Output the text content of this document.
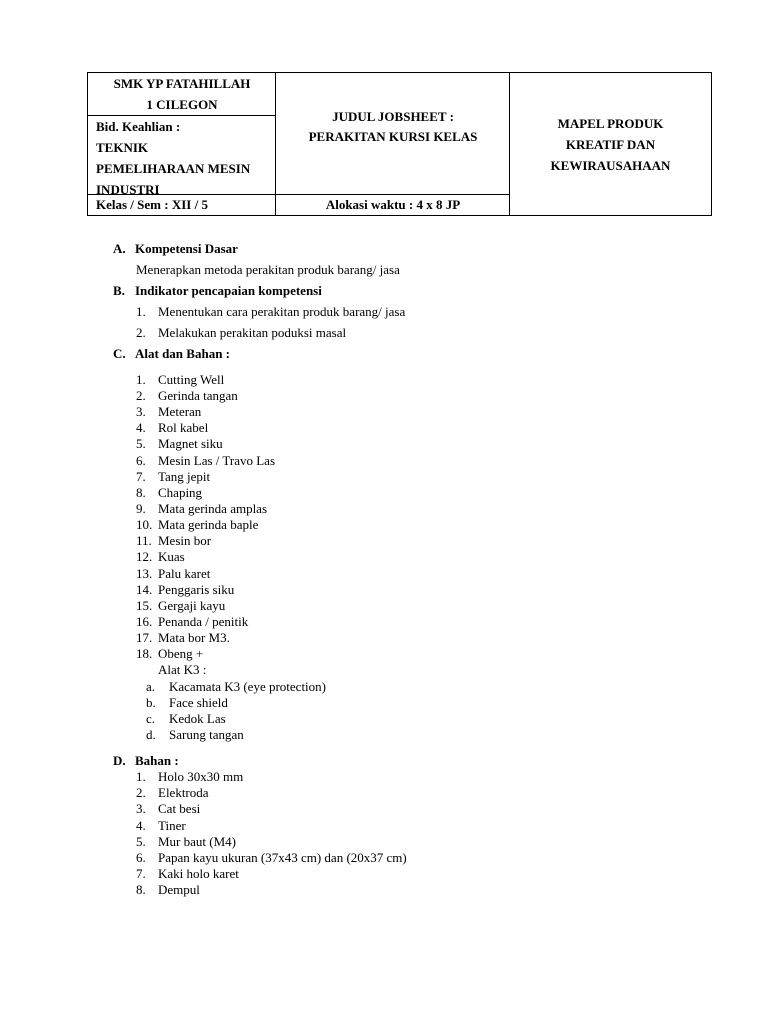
SMK YP FATAHILLAH
1 CILEGON
Bid. Keahlian :
TEKNIK
PEMELIHARAAN MESIN
INDUSTRI
Kelas / Sem : XII / 5
JUDUL JOBSHEET :
PERAKITAN KURSI KELAS
Alokasi waktu : 4 x 8 JP
MAPEL PRODUK
KREATIF DAN
KEWIRAUSAHAAN
A. Kompetensi Dasar
Menerapkan metoda perakitan produk barang/ jasa
B. Indikator pencapaian kompetensi
1. Menentukan cara perakitan produk barang/ jasa
2. Melakukan perakitan poduksi masal
C. Alat dan Bahan :
1. Cutting Well
2. Gerinda tangan
3. Meteran
4. Rol kabel
5. Magnet siku
6. Mesin Las / Travo Las
7. Tang jepit
8. Chaping
9. Mata gerinda amplas
10. Mata gerinda baple
11. Mesin bor
12. Kuas
13. Palu karet
14. Penggaris siku
15. Gergaji kayu
16. Penanda / penitik
17. Mata bor M3.
18. Obeng +
Alat K3 :
a. Kacamata K3 (eye protection)
b. Face shield
c. Kedok Las
d. Sarung tangan
D. Bahan :
1. Holo 30x30 mm
2. Elektroda
3. Cat besi
4. Tiner
5. Mur baut (M4)
6. Papan kayu ukuran (37x43 cm) dan (20x37 cm)
7. Kaki holo karet
8. Dempul
